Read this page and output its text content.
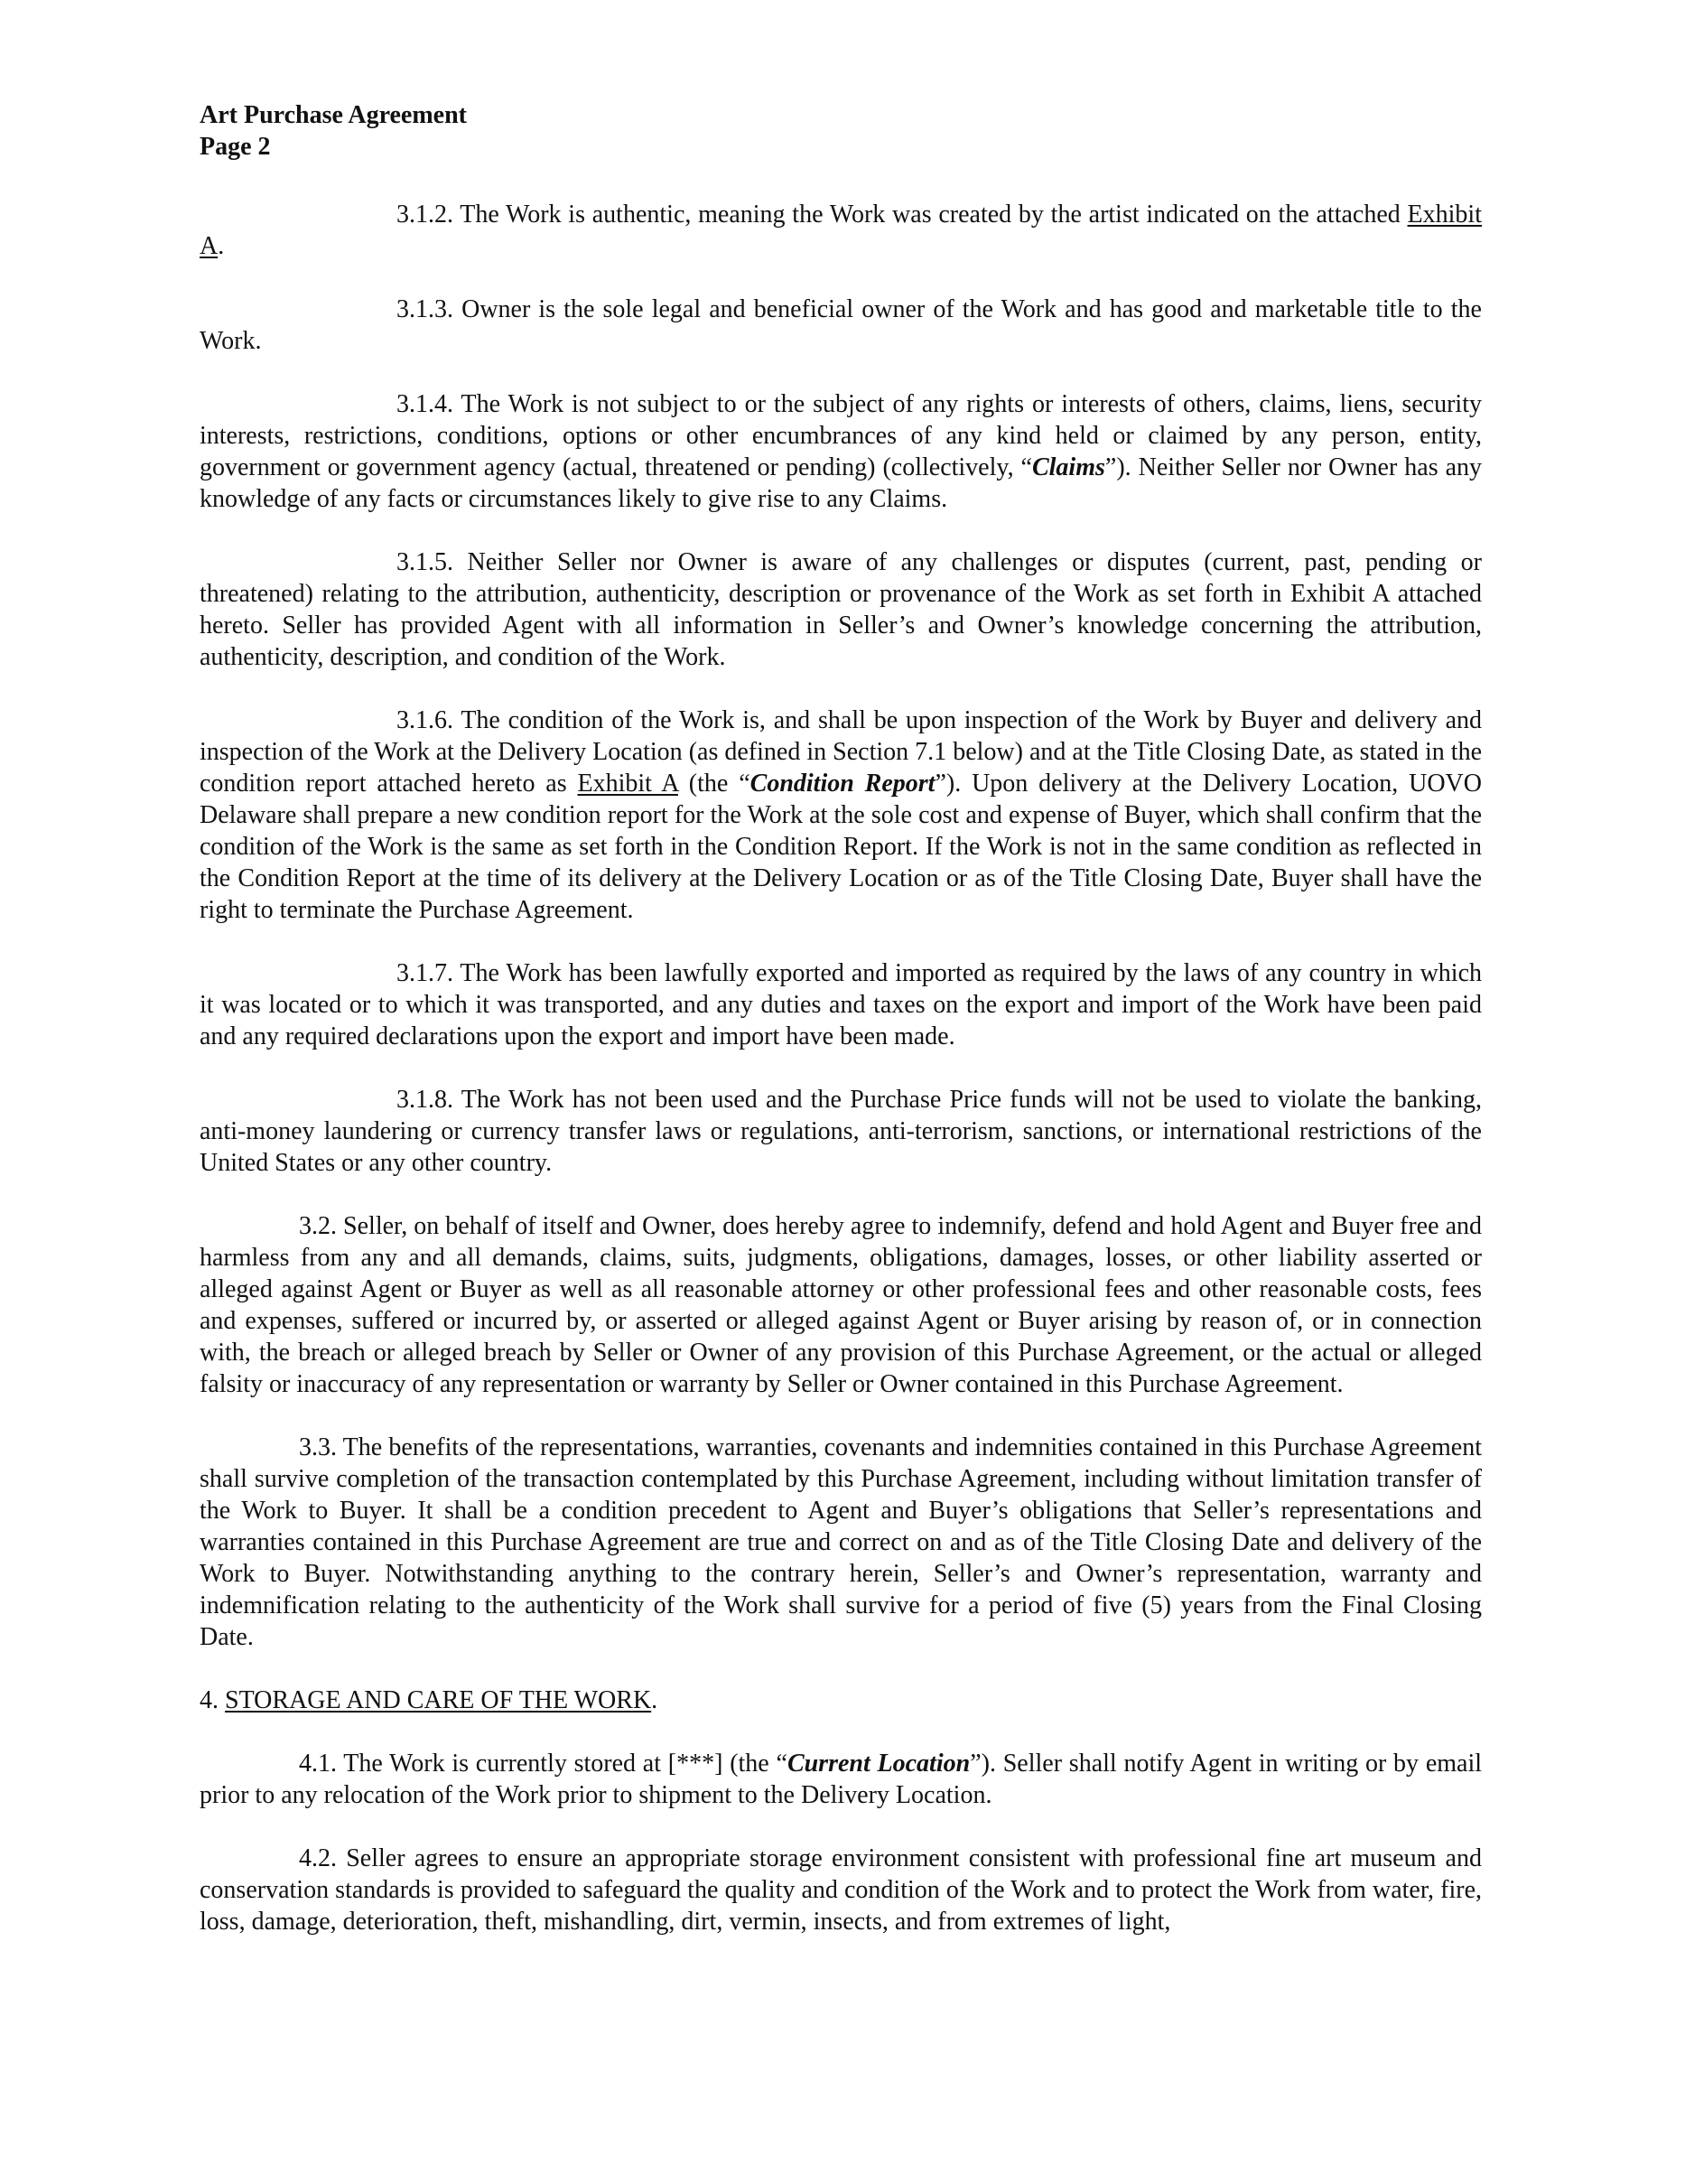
Art Purchase Agreement
Page 2

3.1.2. The Work is authentic, meaning the Work was created by the artist indicated on the attached Exhibit A.

3.1.3. Owner is the sole legal and beneficial owner of the Work and has good and marketable title to the Work.

3.1.4. The Work is not subject to or the subject of any rights or interests of others, claims, liens, security interests, restrictions, conditions, options or other encumbrances of any kind held or claimed by any person, entity, government or government agency (actual, threatened or pending) (collectively, “Claims”). Neither Seller nor Owner has any knowledge of any facts or circumstances likely to give rise to any Claims.

3.1.5. Neither Seller nor Owner is aware of any challenges or disputes (current, past, pending or threatened) relating to the attribution, authenticity, description or provenance of the Work as set forth in Exhibit A attached hereto. Seller has provided Agent with all information in Seller’s and Owner’s knowledge concerning the attribution, authenticity, description, and condition of the Work.

3.1.6. The condition of the Work is, and shall be upon inspection of the Work by Buyer and delivery and inspection of the Work at the Delivery Location (as defined in Section 7.1 below) and at the Title Closing Date, as stated in the condition report attached hereto as Exhibit A (the “Condition Report”). Upon delivery at the Delivery Location, UOVO Delaware shall prepare a new condition report for the Work at the sole cost and expense of Buyer, which shall confirm that the condition of the Work is the same as set forth in the Condition Report. If the Work is not in the same condition as reflected in the Condition Report at the time of its delivery at the Delivery Location or as of the Title Closing Date, Buyer shall have the right to terminate the Purchase Agreement.

3.1.7. The Work has been lawfully exported and imported as required by the laws of any country in which it was located or to which it was transported, and any duties and taxes on the export and import of the Work have been paid and any required declarations upon the export and import have been made.

3.1.8. The Work has not been used and the Purchase Price funds will not be used to violate the banking, anti-money laundering or currency transfer laws or regulations, anti-terrorism, sanctions, or international restrictions of the United States or any other country.

3.2. Seller, on behalf of itself and Owner, does hereby agree to indemnify, defend and hold Agent and Buyer free and harmless from any and all demands, claims, suits, judgments, obligations, damages, losses, or other liability asserted or alleged against Agent or Buyer as well as all reasonable attorney or other professional fees and other reasonable costs, fees and expenses, suffered or incurred by, or asserted or alleged against Agent or Buyer arising by reason of, or in connection with, the breach or alleged breach by Seller or Owner of any provision of this Purchase Agreement, or the actual or alleged falsity or inaccuracy of any representation or warranty by Seller or Owner contained in this Purchase Agreement.

3.3. The benefits of the representations, warranties, covenants and indemnities contained in this Purchase Agreement shall survive completion of the transaction contemplated by this Purchase Agreement, including without limitation transfer of the Work to Buyer. It shall be a condition precedent to Agent and Buyer’s obligations that Seller’s representations and warranties contained in this Purchase Agreement are true and correct on and as of the Title Closing Date and delivery of the Work to Buyer. Notwithstanding anything to the contrary herein, Seller’s and Owner’s representation, warranty and indemnification relating to the authenticity of the Work shall survive for a period of five (5) years from the Final Closing Date.

4. STORAGE AND CARE OF THE WORK.

4.1. The Work is currently stored at [***] (the “Current Location”). Seller shall notify Agent in writing or by email prior to any relocation of the Work prior to shipment to the Delivery Location.

4.2. Seller agrees to ensure an appropriate storage environment consistent with professional fine art museum and conservation standards is provided to safeguard the quality and condition of the Work and to protect the Work from water, fire, loss, damage, deterioration, theft, mishandling, dirt, vermin, insects, and from extremes of light,
